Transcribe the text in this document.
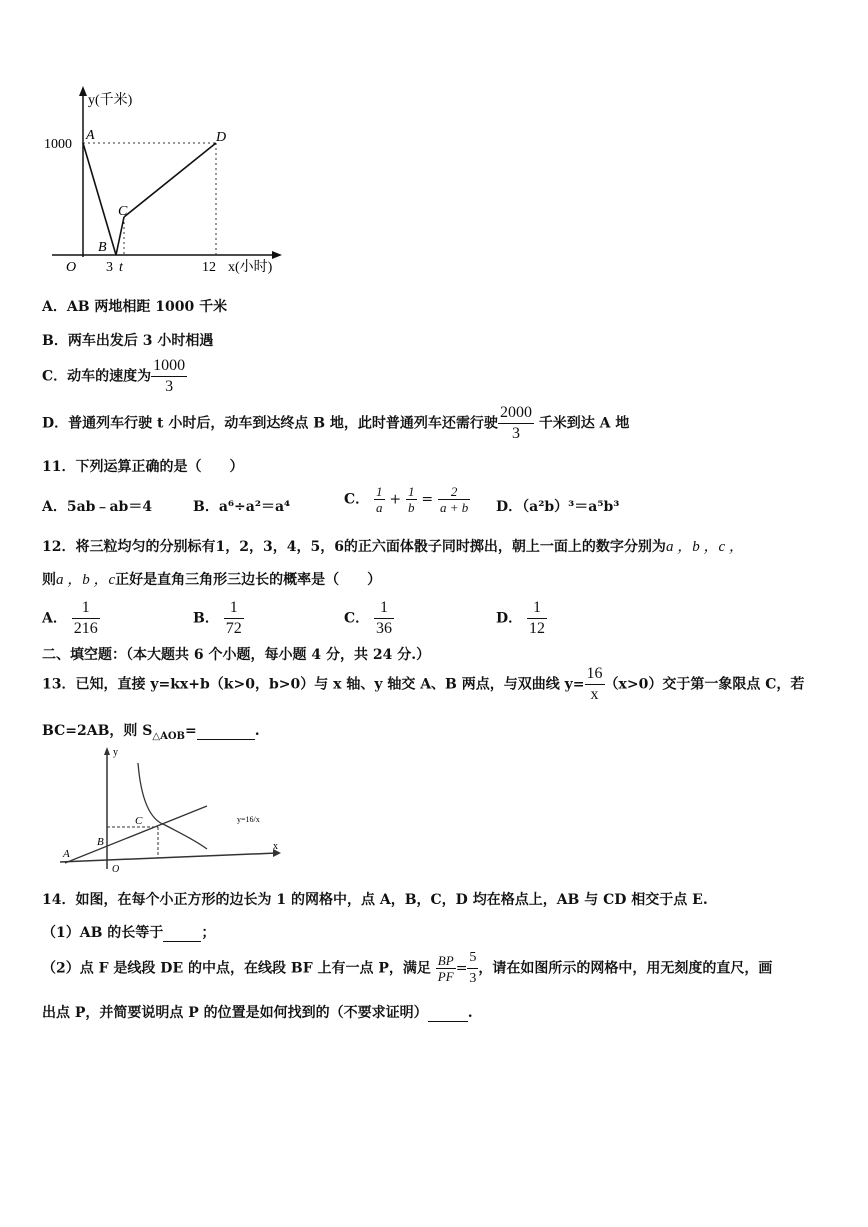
y(千米)
1000
A	D
C
B
O 3 t	12 x(小时)
A．AB 两地相距 1000 千米
B．两车出发后 3 小时相遇
C．动车的速度为 $\frac{1000}{3}$
D．普通列车行驶 t 小时后，动车到达终点 B 地，此时普通列车还需行驶 $\frac{2000}{3}$ 千米到达 A 地
11．下列运算正确的是（　　）
A．5ab﹣ab＝4	B．a⁶÷a²＝a⁴	C． $\frac{1}{a} + \frac{1}{b} = \frac{2}{a + b}$ D．（a²b）³＝a⁵b³
12．将三粒均匀的分别标有1，2，3，4，5，6的正六面体骰子同时掷出，朝上一面上的数字分别为a ，b ，c ，
则a ，b ，c正好是直角三角形三边长的概率是（　　）
A． $\frac{1}{216}$	B． $\frac{1}{72}$	C． $\frac{1}{36}$	D． $\frac{1}{12}$
二、填空题：（本大题共 6 个小题，每小题 4 分，共 24 分.）
13．已知，直接 y=kx+b（k>0，b>0）与 x 轴、y 轴交 A、B 两点，与双曲线 $y= \frac{16}{x} (x>0)$交于第一象限点 C，若
BC=2AB，则 $S_{\triangle AOB}=$	.
y
x
O
A
B
C	y=16/x
14．如图，在每个小正方形的边长为 1 的网格中，点 A，B，C，D 均在格点上，AB 与 CD 相交于点 E.
（1）AB 的长等于	；
（2）点 F 是线段 DE 的中点，在线段 BF 上有一点 P，满足 $\frac{BP}{PF} = \frac{5}{3}$ ，请在如图所示的网格中，用无刻度的直尺，画
出点 P，并简要说明点 P 的位置是如何找到的（不要求证明）	.
